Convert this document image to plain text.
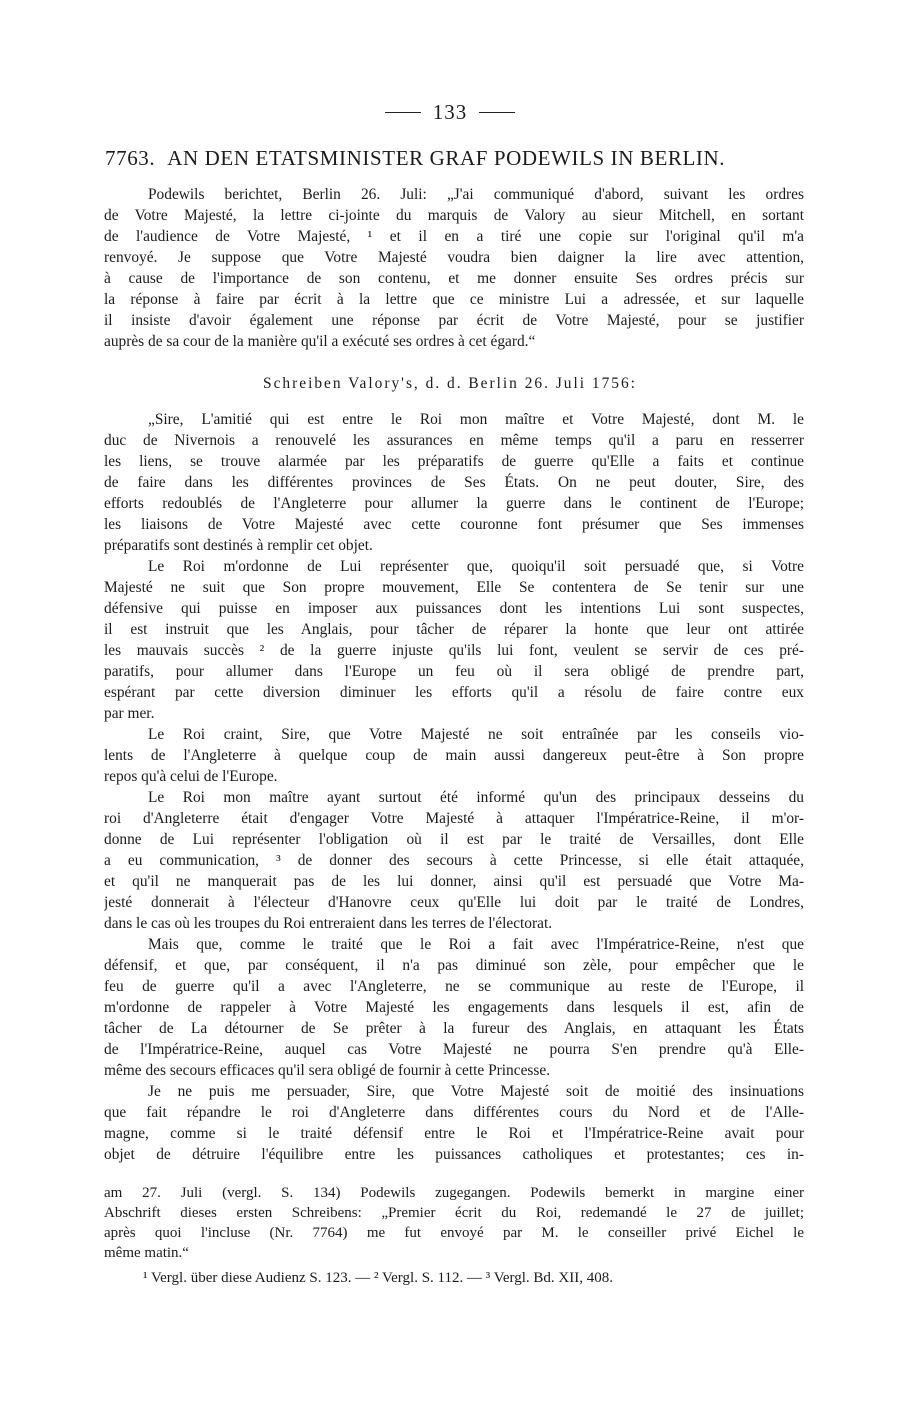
133
7763. AN DEN ETATSMINISTER GRAF PODEWILS IN BERLIN.
Podewils berichtet, Berlin 26. Juli: „J'ai communiqué d'abord, suivant les ordres
de Votre Majesté, la lettre ci-jointe du marquis de Valory au sieur Mitchell, en sortant
de l'audience de Votre Majesté, ¹ et il en a tiré une copie sur l'original qu'il m'a
renvoyé. Je suppose que Votre Majesté voudra bien daigner la lire avec attention,
à cause de l'importance de son contenu, et me donner ensuite Ses ordres précis sur
la réponse à faire par écrit à la lettre que ce ministre Lui a adressée, et sur laquelle
il insiste d'avoir également une réponse par écrit de Votre Majesté, pour se justifier
auprès de sa cour de la manière qu'il a exécuté ses ordres à cet égard.“
Schreiben Valory's, d. d. Berlin 26. Juli 1756:
„Sire, L'amitié qui est entre le Roi mon maître et Votre Majesté, dont M. le
duc de Nivernois a renouvelé les assurances en même temps qu'il a paru en resserrer
les liens, se trouve alarmée par les préparatifs de guerre qu'Elle a faits et continue
de faire dans les différentes provinces de Ses États. On ne peut douter, Sire, des
efforts redoublés de l'Angleterre pour allumer la guerre dans le continent de l'Europe;
les liaisons de Votre Majesté avec cette couronne font présumer que Ses immenses
préparatifs sont destinés à remplir cet objet.
Le Roi m'ordonne de Lui représenter que, quoiqu'il soit persuadé que, si Votre
Majesté ne suit que Son propre mouvement, Elle Se contentera de Se tenir sur une
défensive qui puisse en imposer aux puissances dont les intentions Lui sont suspectes,
il est instruit que les Anglais, pour tâcher de réparer la honte que leur ont attirée
les mauvais succès ² de la guerre injuste qu'ils lui font, veulent se servir de ces pré-
paratifs, pour allumer dans l'Europe un feu où il sera obligé de prendre part,
espérant par cette diversion diminuer les efforts qu'il a résolu de faire contre eux
par mer.
Le Roi craint, Sire, que Votre Majesté ne soit entraînée par les conseils vio-
lents de l'Angleterre à quelque coup de main aussi dangereux peut-être à Son propre
repos qu'à celui de l'Europe.
Le Roi mon maître ayant surtout été informé qu'un des principaux desseins du
roi d'Angleterre était d'engager Votre Majesté à attaquer l'Impératrice-Reine, il m'or-
donne de Lui représenter l'obligation où il est par le traité de Versailles, dont Elle
a eu communication, ³ de donner des secours à cette Princesse, si elle était attaquée,
et qu'il ne manquerait pas de les lui donner, ainsi qu'il est persuadé que Votre Ma-
jesté donnerait à l'électeur d'Hanovre ceux qu'Elle lui doit par le traité de Londres,
dans le cas où les troupes du Roi entreraient dans les terres de l'électorat.
Mais que, comme le traité que le Roi a fait avec l'Impératrice-Reine, n'est que
défensif, et que, par conséquent, il n'a pas diminué son zèle, pour empêcher que le
feu de guerre qu'il a avec l'Angleterre, ne se communique au reste de l'Europe, il
m'ordonne de rappeler à Votre Majesté les engagements dans lesquels il est, afin de
tâcher de La détourner de Se prêter à la fureur des Anglais, en attaquant les États
de l'Impératrice-Reine, auquel cas Votre Majesté ne pourra S'en prendre qu'à Elle-
même des secours efficaces qu'il sera obligé de fournir à cette Princesse.
Je ne puis me persuader, Sire, que Votre Majesté soit de moitié des insinuations
que fait répandre le roi d'Angleterre dans différentes cours du Nord et de l'Alle-
magne, comme si le traité défensif entre le Roi et l'Impératrice-Reine avait pour
objet de détruire l'équilibre entre les puissances catholiques et protestantes; ces in-
am 27. Juli (vergl. S. 134) Podewils zugegangen. Podewils bemerkt in margine einer
Abschrift dieses ersten Schreibens: „Premier écrit du Roi, redemandé le 27 de juillet;
après quoi l'incluse (Nr. 7764) me fut envoyé par M. le conseiller privé Eichel le
même matin.“
¹ Vergl. über diese Audienz S. 123. — ² Vergl. S. 112. — ³ Vergl. Bd. XII, 408.
